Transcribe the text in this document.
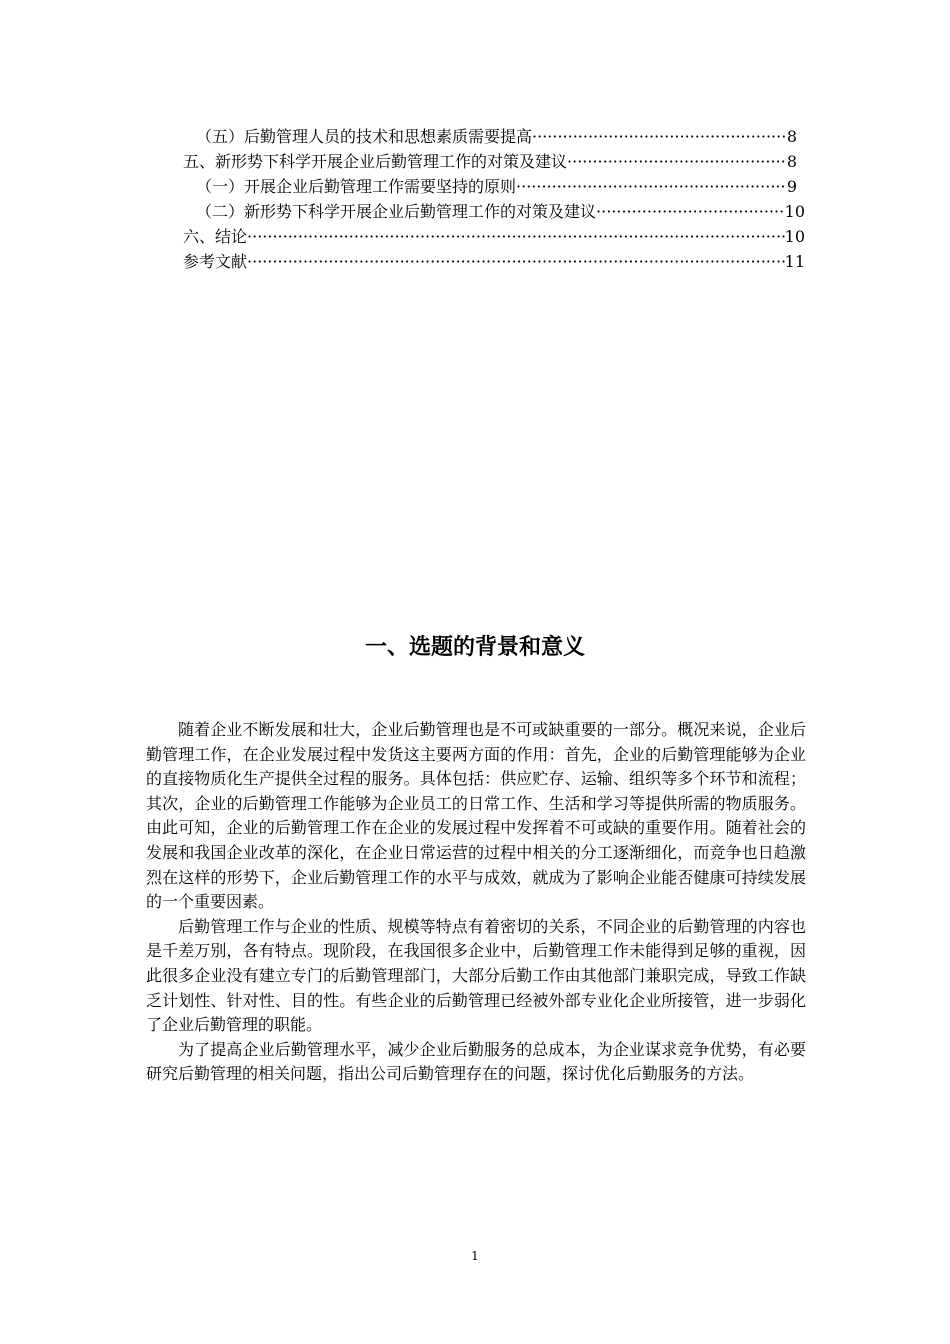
（五）后勤管理人员的技术和思想素质需要提高 ·····	8
五、新形势下科学开展企业后勤管理工作的对策及建议 ·····	8
（一）开展企业后勤管理工作需要坚持的原则 ·····	9
（二）新形势下科学开展企业后勤管理工作的对策及建议 ·····	10
六、结论 ·····	10
参考文献 ·····	11
一、选题的背景和意义

随着企业不断发展和壮大，企业后勤管理也是不可或缺重要的一部分。概况来说，企业后勤管理工作，在企业发展过程中发货这主要两方面的作用：首先，企业的后勤管理能够为企业的直接物质化生产提供全过程的服务。具体包括：供应贮存、运输、组织等多个环节和流程；其次，企业的后勤管理工作能够为企业员工的日常工作、生活和学习等提供所需的物质服务。由此可知，企业的后勤管理工作在企业的发展过程中发挥着不可或缺的重要作用。随着社会的发展和我国企业改革的深化，在企业日常运营的过程中相关的分工逐渐细化，而竞争也日趋激烈在这样的形势下，企业后勤管理工作的水平与成效，就成为了影响企业能否健康可持续发展的一个重要因素。

后勤管理工作与企业的性质、规模等特点有着密切的关系，不同企业的后勤管理的内容也是千差万别，各有特点。现阶段，在我国很多企业中，后勤管理工作未能得到足够的重视，因此很多企业没有建立专门的后勤管理部门，大部分后勤工作由其他部门兼职完成，导致工作缺乏计划性、针对性、目的性。有些企业的后勤管理已经被外部专业化企业所接管，进一步弱化了企业后勤管理的职能。

为了提高企业后勤管理水平，减少企业后勤服务的总成本，为企业谋求竞争优势，有必要研究后勤管理的相关问题，指出公司后勤管理存在的问题，探讨优化后勤服务的方法。

1
